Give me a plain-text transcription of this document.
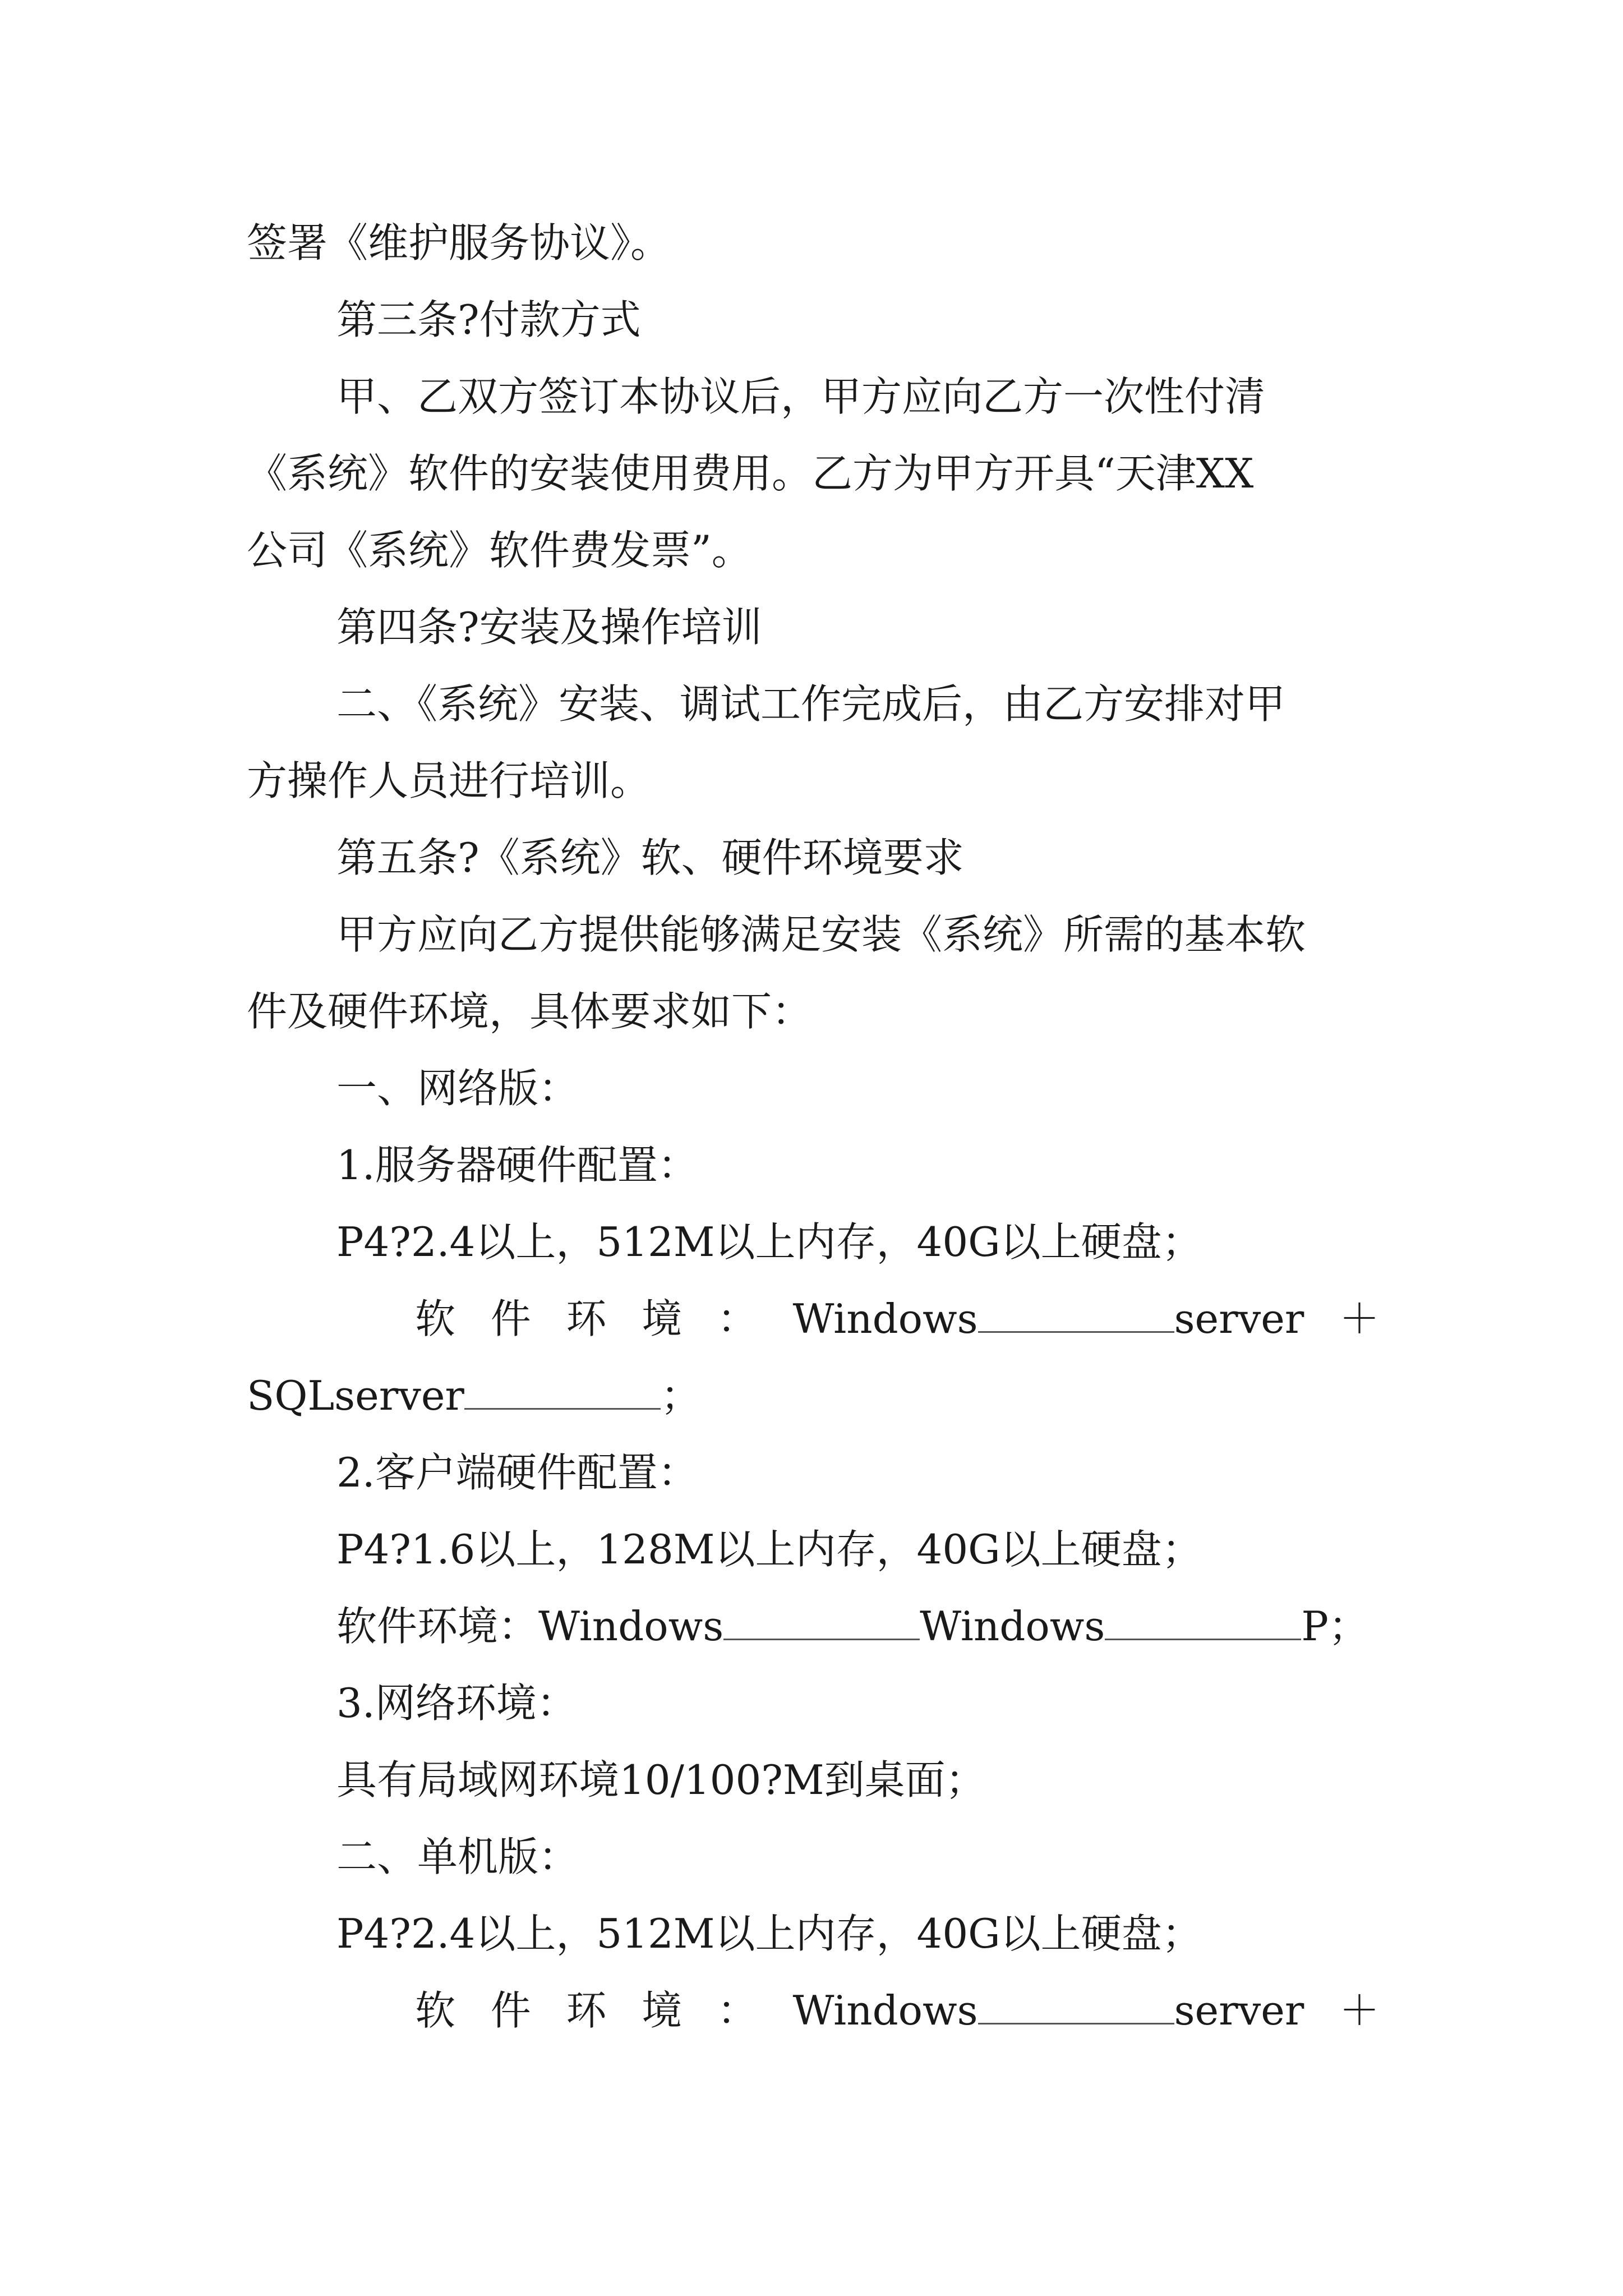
签署《维护服务协议》。
第三条?付款方式
甲、乙双方签订本协议后，甲方应向乙方一次性付清
《系统》软件的安装使用费用。乙方为甲方开具“天津XX
公司《系统》软件费发票”。
第四条?安装及操作培训
二、《系统》安装、调试工作完成后，由乙方安排对甲
方操作人员进行培训。
第五条?《系统》软、硬件环境要求
甲方应向乙方提供能够满足安装《系统》所需的基本软
件及硬件环境，具体要求如下：
一、网络版：
1.服务器硬件配置：
P4?2.4以上，512M以上内存，40G以上硬盘；
软 件 环 境 ： Windows	server ＋
SQLserver	；
2.客户端硬件配置：
P4?1.6以上，128M以上内存，40G以上硬盘；
软件环境：Windows	Windows	P；
3.网络环境：
具有局域网环境10/100?M到桌面；
二、单机版：
P4?2.4以上，512M以上内存，40G以上硬盘；
软 件 环 境 ： Windows	server ＋
